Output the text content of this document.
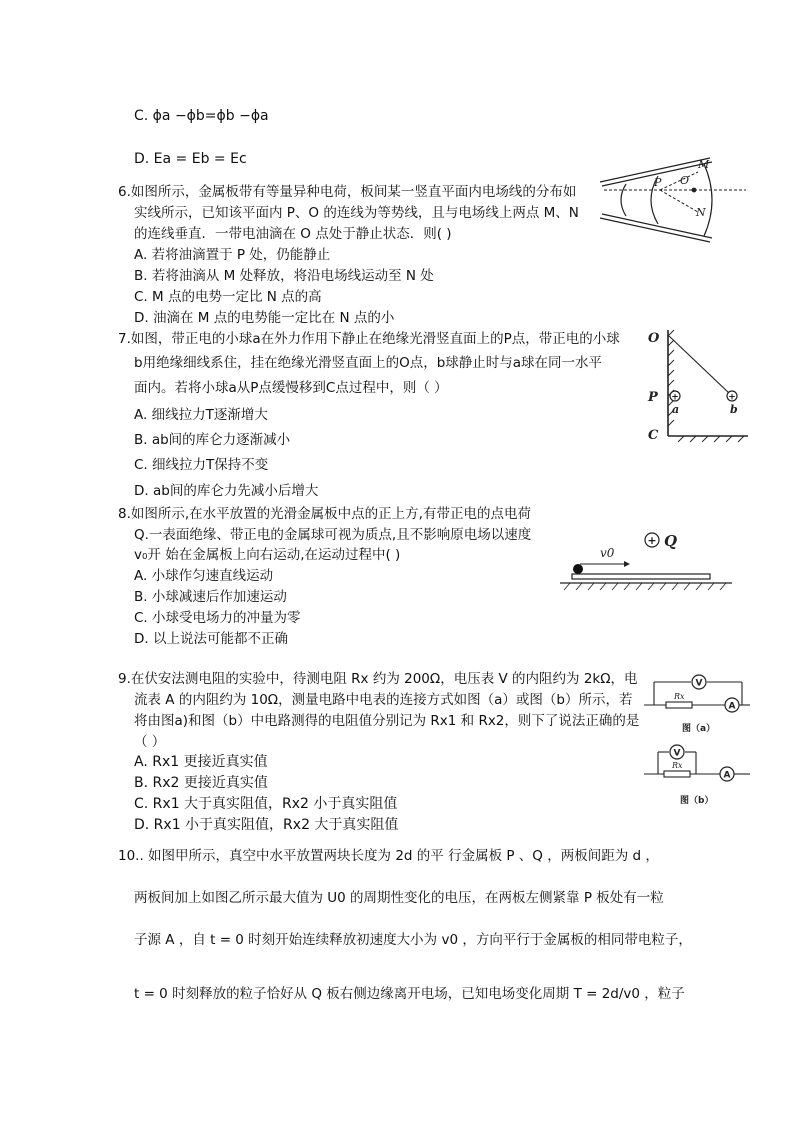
C. ϕa −ϕb=ϕb −ϕa
D. Ea = Eb = Ec
6.如图所示，金属板带有等量异种电荷，板间某一竖直平面内电场线的分布如
实线所示，已知该平面内 P、O 的连线为等势线，且与电场线上两点 M、N
的连线垂直．一带电油滴在 O 点处于静止状态．则( )
A. 若将油滴置于 P 处，仍能静止
B. 若将油滴从 M 处释放，将沿电场线运动至 N 处
C. M 点的电势一定比 N 点的高
D. 油滴在 M 点的电势能一定比在 N 点的小
P O
M
N
7.如图，带正电的小球a在外力作用下静止在绝缘光滑竖直面上的P点，带正电的小球
b用绝缘细线系住，挂在绝缘光滑竖直面上的O点，b球静止时与a球在同一水平
面内。若将小球a从P点缓慢移到C点过程中，则（ ）
A. 细线拉力T逐渐增大
B. ab间的库仑力逐渐减小
C. 细线拉力T保持不变
D. ab间的库仑力先减小后增大
+	+
O
P
C
a	b
8.如图所示,在水平放置的光滑金属板中点的正上方,有带正电的点电荷
Q.一表面绝缘、带正电的金属球可视为质点,且不影响原电场以速度
v₀开 始在金属板上向右运动,在运动过程中( )
A. 小球作匀速直线运动
B. 小球减速后作加速运动
C. 小球受电场力的冲量为零
D. 以上说法可能都不正确
+ Q
v0
9.在伏安法测电阻的实验中，待测电阻 Rx 约为 200Ω，电压表 V 的内阻约为 2kΩ，电
流表 A 的内阻约为 10Ω，测量电路中电表的连接方式如图（a）或图（b）所示，若
将由图a)和图（b）中电路测得的电阻值分别记为 Rx1 和 Rx2，则下了说法正确的是
（ ）
A. Rx1 更接近真实值
B. Rx2 更接近真实值
C. Rx1 大于真实阻值，Rx2 小于真实阻值
D. Rx1 小于真实阻值，Rx2 大于真实阻值
V
A
Rx
图（a）
V
A
Rx
图（b）
10.. 如图甲所示，真空中水平放置两块长度为 2d 的平 行金属板 P 、Q ，两板间距为 d ，
两板间加上如图乙所示最大值为 U0 的周期性变化的电压，在两板左侧紧靠 P 板处有一粒
子源 A ，自 t = 0 时刻开始连续释放初速度大小为 v0 ，方向平行于金属板的相同带电粒子，
t = 0 时刻释放的粒子恰好从 Q 板右侧边缘离开电场，已知电场变化周期 T = 2d/v0 ，粒子
